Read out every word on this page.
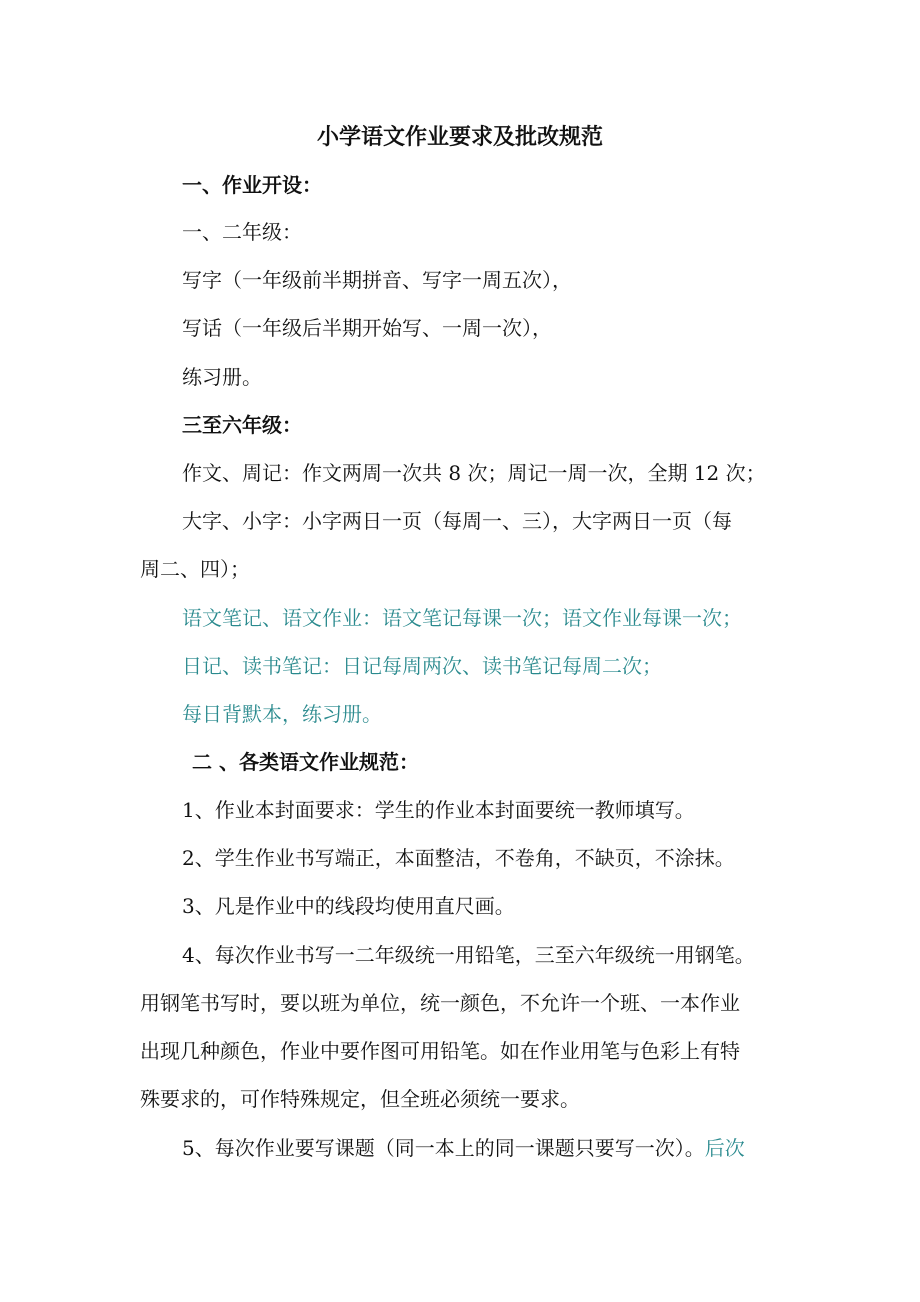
小学语文作业要求及批改规范
一、作业开设：
一、二年级：
写字（一年级前半期拼音、写字一周五次），
写话（一年级后半期开始写、一周一次），
练习册。
三至六年级：
作文、周记：作文两周一次共 8 次；周记一周一次，全期 12 次；
大字、小字：小字两日一页（每周一、三），大字两日一页（每
周二、四）；
语文笔记、语文作业：语文笔记每课一次；语文作业每课一次；
日记、读书笔记：日记每周两次、读书笔记每周二次；
每日背默本，练习册。
二 、各类语文作业规范：
1、作业本封面要求：学生的作业本封面要统一教师填写。
2、学生作业书写端正，本面整洁，不卷角，不缺页，不涂抹。
3、凡是作业中的线段均使用直尺画。
4、每次作业书写一二年级统一用铅笔，三至六年级统一用钢笔。
用钢笔书写时，要以班为单位，统一颜色，不允许一个班、一本作业
出现几种颜色，作业中要作图可用铅笔。如在作业用笔与色彩上有特
殊要求的，可作特殊规定，但全班必须统一要求。
5、每次作业要写课题（同一本上的同一课题只要写一次）。后次
